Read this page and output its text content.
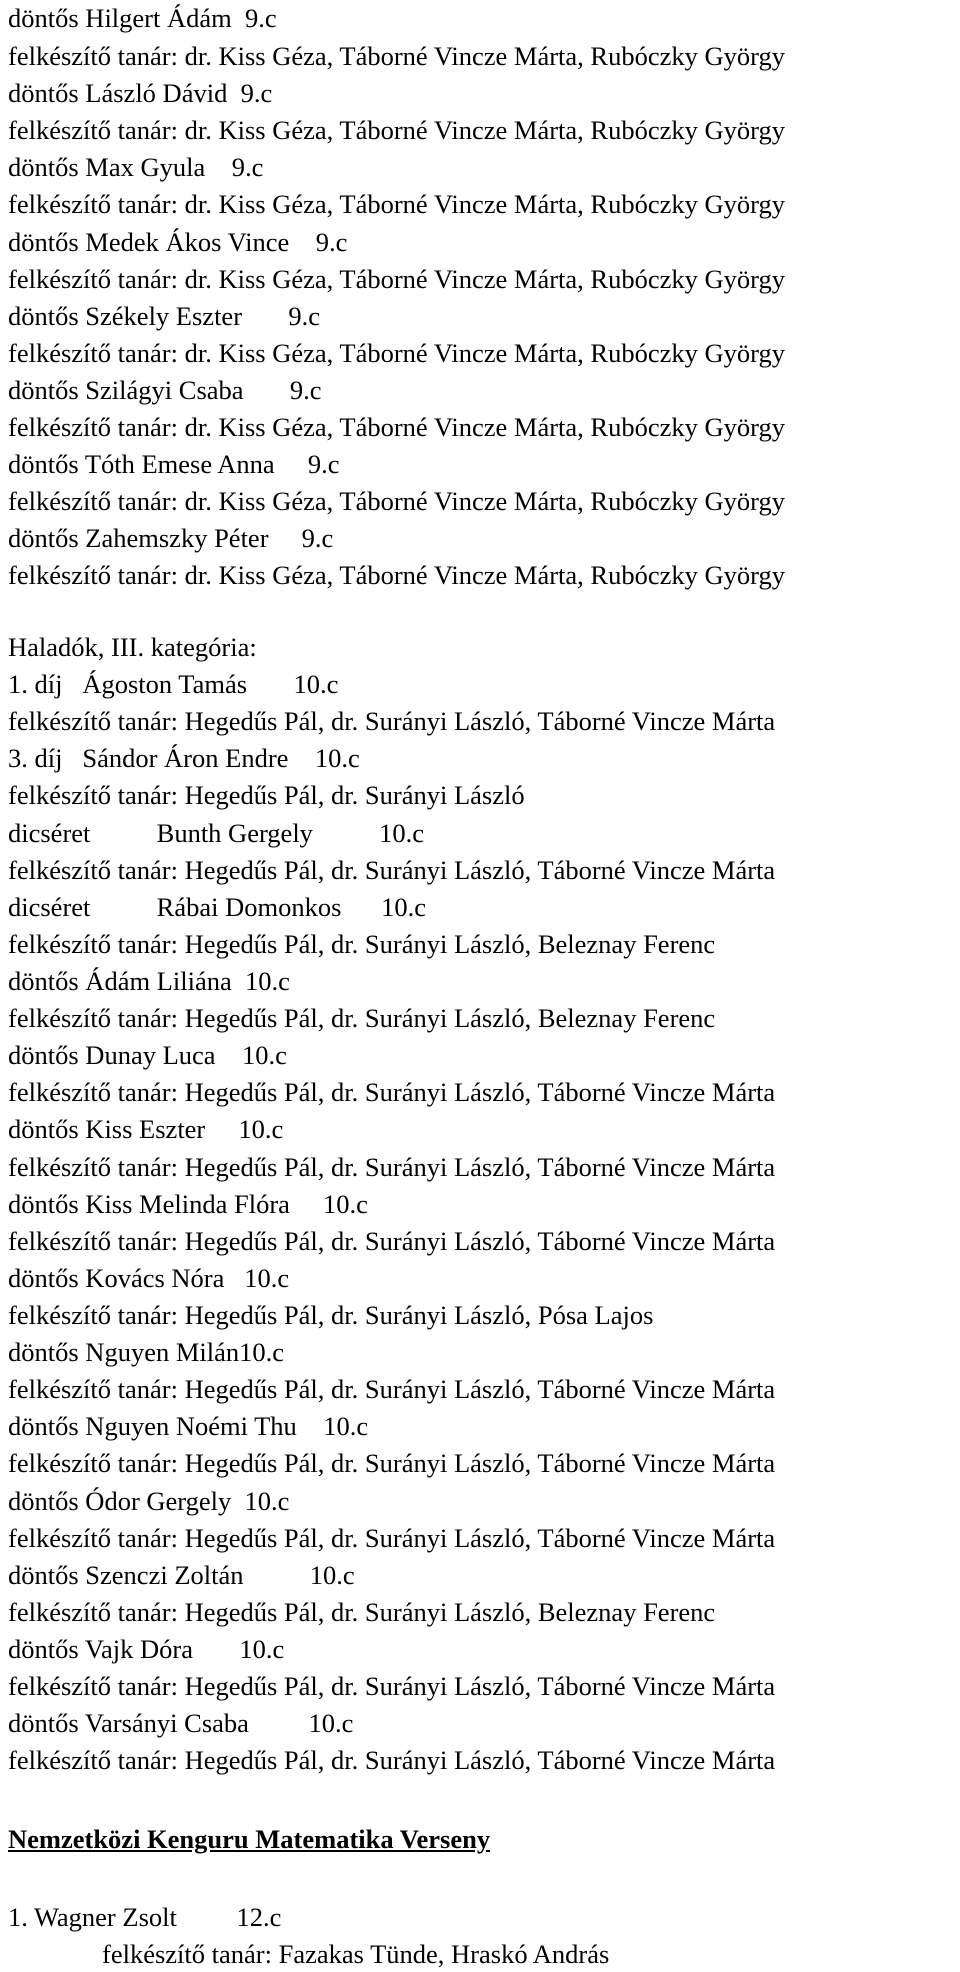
döntős Hilgert Ádám  9.c
felkészítő tanár: dr. Kiss Géza, Táborné Vincze Márta, Rubóczky György
döntős László Dávid  9.c
felkészítő tanár: dr. Kiss Géza, Táborné Vincze Márta, Rubóczky György
döntős Max Gyula    9.c
felkészítő tanár: dr. Kiss Géza, Táborné Vincze Márta, Rubóczky György
döntős Medek Ákos Vince    9.c
felkészítő tanár: dr. Kiss Géza, Táborné Vincze Márta, Rubóczky György
döntős Székely Eszter       9.c
felkészítő tanár: dr. Kiss Géza, Táborné Vincze Márta, Rubóczky György
döntős Szilágyi Csaba       9.c
felkészítő tanár: dr. Kiss Géza, Táborné Vincze Márta, Rubóczky György
döntős Tóth Emese Anna     9.c
felkészítő tanár: dr. Kiss Géza, Táborné Vincze Márta, Rubóczky György
döntős Zahemszky Péter     9.c
felkészítő tanár: dr. Kiss Géza, Táborné Vincze Márta, Rubóczky György
Haladók, III. kategória:
1. díj   Ágoston Tamás       10.c
felkészítő tanár: Hegedűs Pál, dr. Surányi László, Táborné Vincze Márta
3. díj   Sándor Áron Endre    10.c
felkészítő tanár: Hegedűs Pál, dr. Surányi László
dicséret          Bunth Gergely          10.c
felkészítő tanár: Hegedűs Pál, dr. Surányi László, Táborné Vincze Márta
dicséret          Rábai Domonkos      10.c
felkészítő tanár: Hegedűs Pál, dr. Surányi László, Beleznay Ferenc
döntős Ádám Liliána  10.c
felkészítő tanár: Hegedűs Pál, dr. Surányi László, Beleznay Ferenc
döntős Dunay Luca    10.c
felkészítő tanár: Hegedűs Pál, dr. Surányi László, Táborné Vincze Márta
döntős Kiss Eszter     10.c
felkészítő tanár: Hegedűs Pál, dr. Surányi László, Táborné Vincze Márta
döntős Kiss Melinda Flóra     10.c
felkészítő tanár: Hegedűs Pál, dr. Surányi László, Táborné Vincze Márta
döntős Kovács Nóra   10.c
felkészítő tanár: Hegedűs Pál, dr. Surányi László, Pósa Lajos
döntős Nguyen Milán10.c
felkészítő tanár: Hegedűs Pál, dr. Surányi László, Táborné Vincze Márta
döntős Nguyen Noémi Thu    10.c
felkészítő tanár: Hegedűs Pál, dr. Surányi László, Táborné Vincze Márta
döntős Ódor Gergely  10.c
felkészítő tanár: Hegedűs Pál, dr. Surányi László, Táborné Vincze Márta
döntős Szenczi Zoltán          10.c
felkészítő tanár: Hegedűs Pál, dr. Surányi László, Beleznay Ferenc
döntős Vajk Dóra       10.c
felkészítő tanár: Hegedűs Pál, dr. Surányi László, Táborné Vincze Márta
döntős Varsányi Csaba         10.c
felkészítő tanár: Hegedűs Pál, dr. Surányi László, Táborné Vincze Márta
Nemzetközi Kenguru Matematika Verseny
1. Wagner Zsolt         12.c
felkészítő tanár: Fazakas Tünde, Hraskó András
